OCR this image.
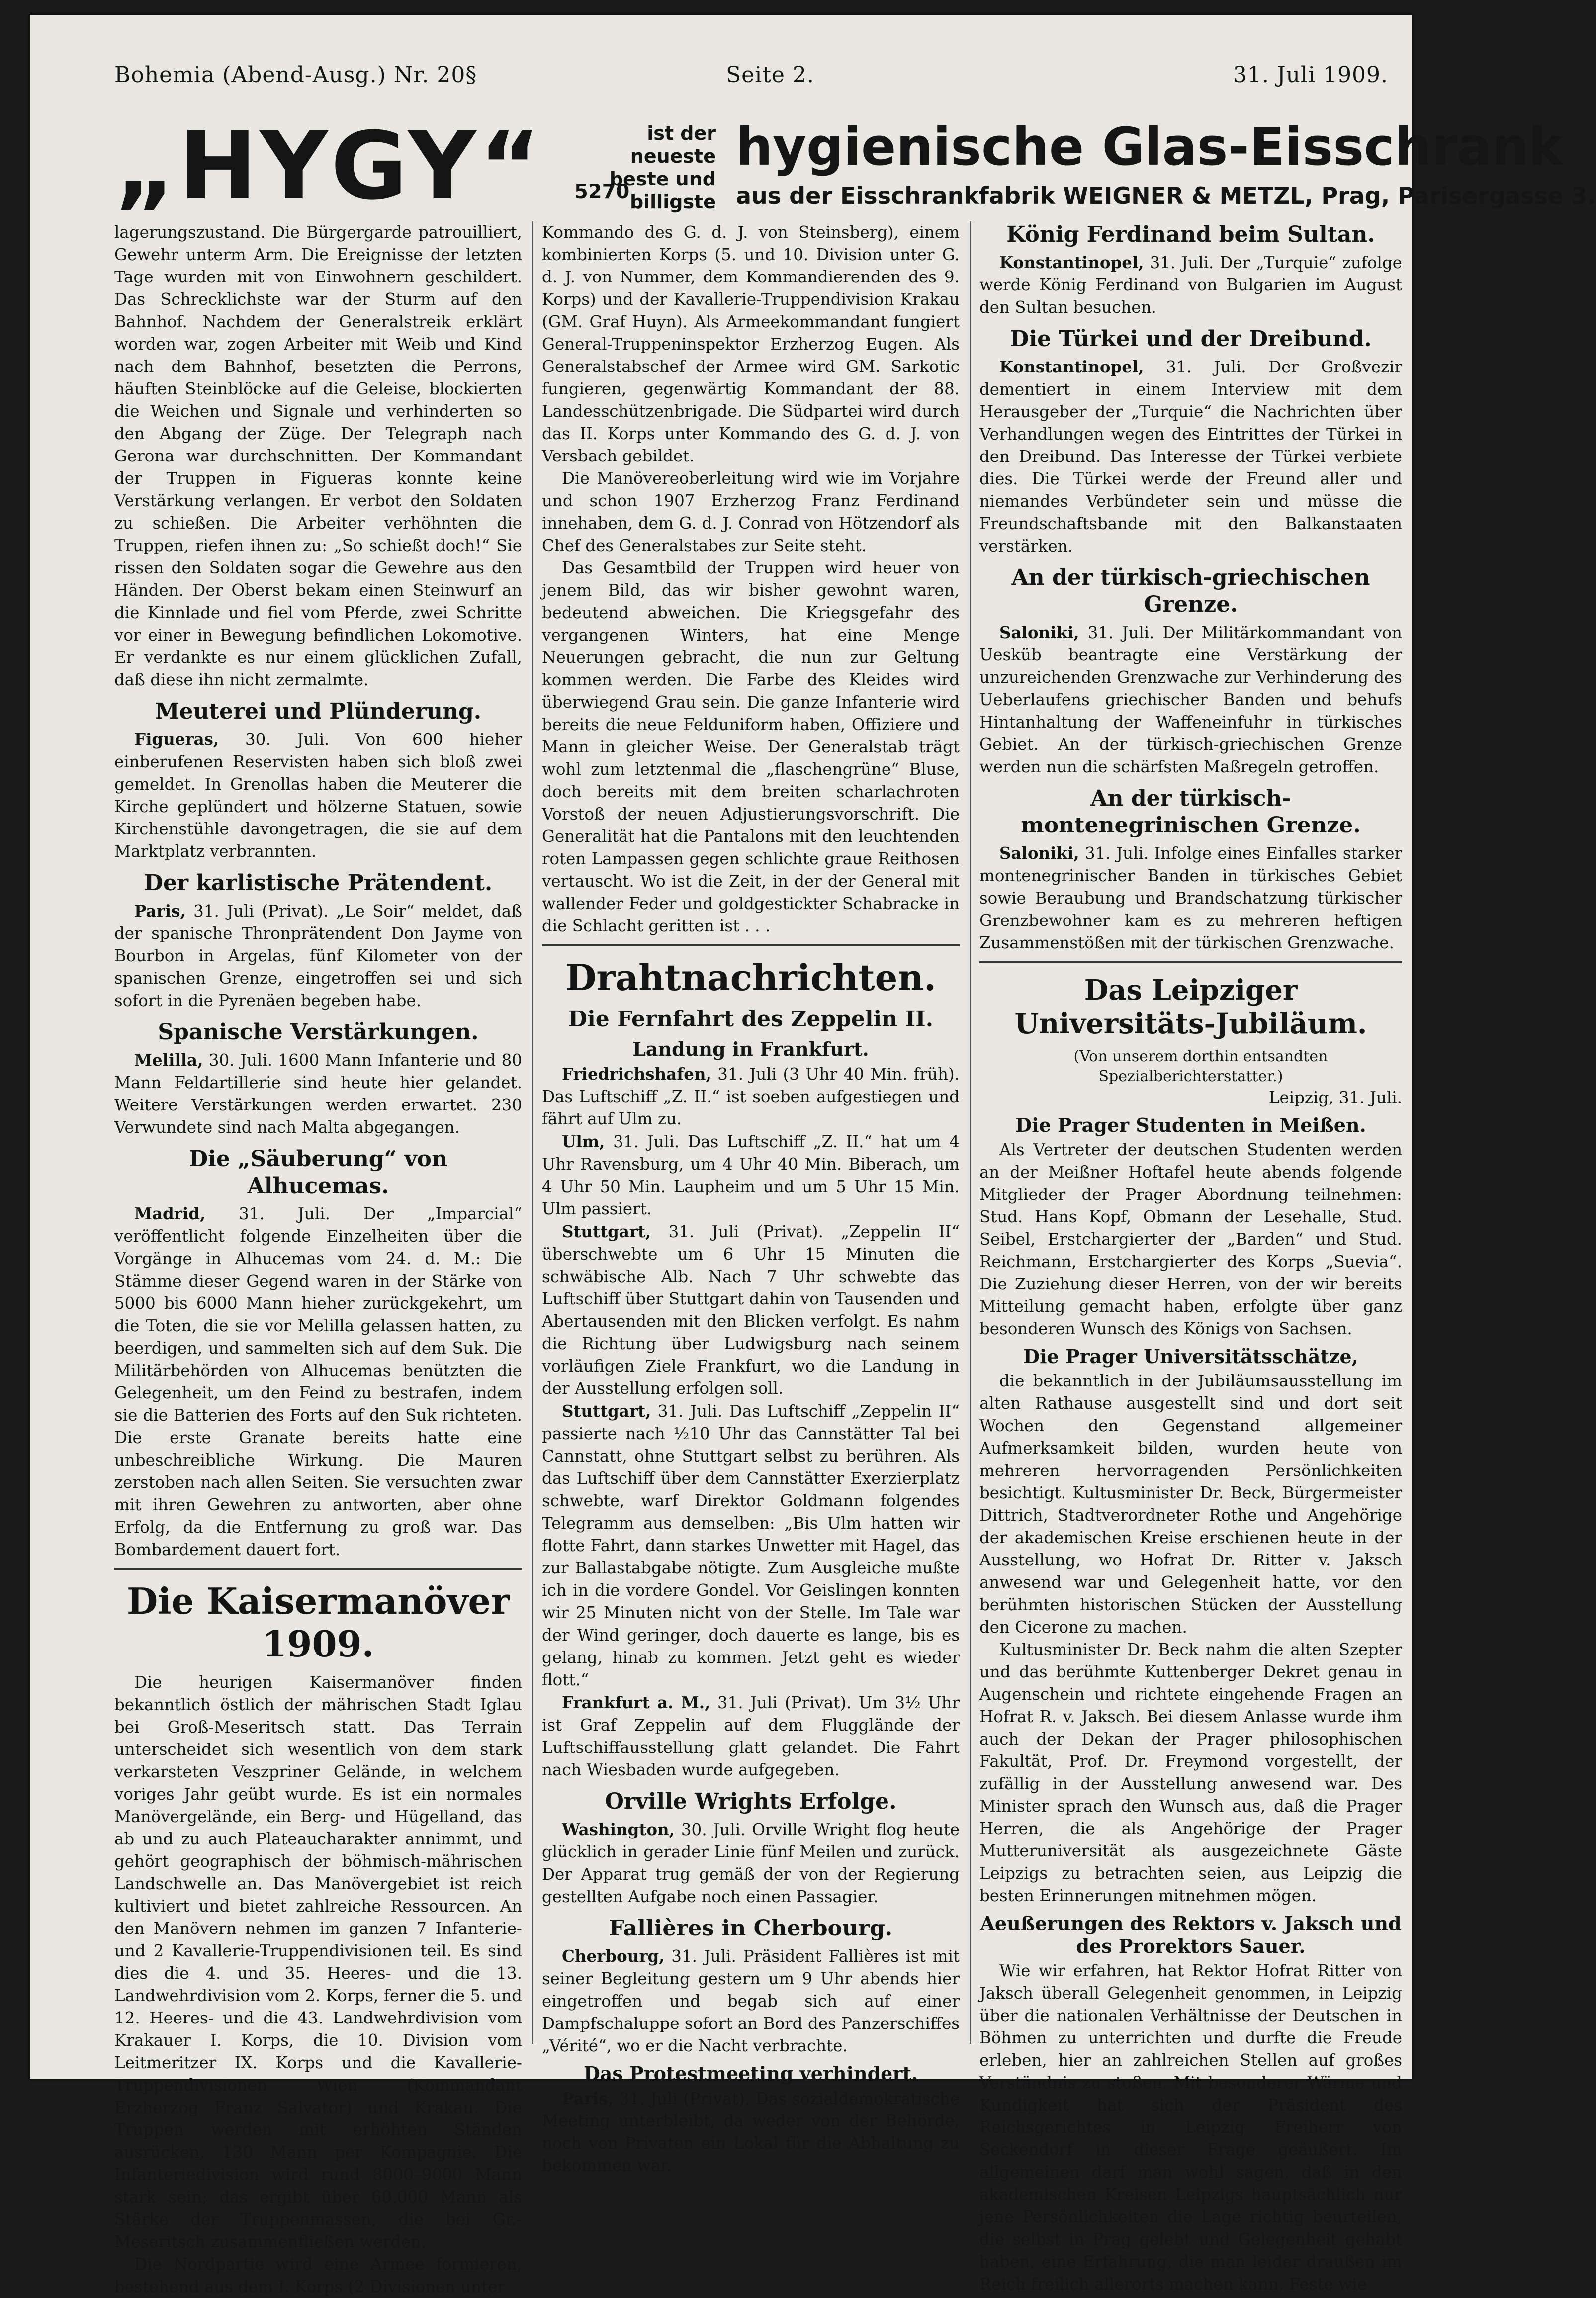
Bohemia (Abend-Ausg.) Nr. 20§	Seite 2.	31. Juli 1909.
„HYGY“	ist der
neueste
beste und
billigste
5270
hygienische Glas-Eisschrank
aus der Eisschrankfabrik WEIGNER & METZL, Prag, Parisergasse 3.

lagerungszustand. Die Bürgergarde patrouilliert, Gewehr unterm Arm. Die Ereignisse der letzten Tage wurden mit von Einwohnern geschildert. Das Schrecklichste war der Sturm auf den Bahnhof. Nachdem der Generalstreik erklärt worden war, zogen Arbeiter mit Weib und Kind nach dem Bahnhof, besetzten die Perrons, häuften Steinblöcke auf die Geleise, blockierten die Weichen und Signale und verhinderten so den Abgang der Züge. Der Telegraph nach Gerona war durchschnitten. Der Kommandant der Truppen in Figueras konnte keine Verstärkung verlangen. Er verbot den Soldaten zu schießen. Die Arbeiter verhöhnten die Truppen, riefen ihnen zu: „So schießt doch!“ Sie rissen den Soldaten sogar die Gewehre aus den Händen. Der Oberst bekam einen Steinwurf an die Kinnlade und fiel vom Pferde, zwei Schritte vor einer in Bewegung befindlichen Lokomotive. Er verdankte es nur einem glücklichen Zufall, daß diese ihn nicht zermalmte.

Meuterei und Plünderung.

Figueras, 30. Juli. Von 600 hieher einberufenen Reservisten haben sich bloß zwei gemeldet. In Grenollas haben die Meuterer die Kirche geplündert und hölzerne Statuen, sowie Kirchenstühle davongetragen, die sie auf dem Marktplatz verbrannten.

Der karlistische Prätendent.

Paris, 31. Juli (Privat). „Le Soir“ meldet, daß der spanische Thronprätendent Don Jayme von Bourbon in Argelas, fünf Kilometer von der spanischen Grenze, eingetroffen sei und sich sofort in die Pyrenäen begeben habe.

Spanische Verstärkungen.

Melilla, 30. Juli. 1600 Mann Infanterie und 80 Mann Feldartillerie sind heute hier gelandet. Weitere Verstärkungen werden erwartet. 230 Verwundete sind nach Malta abgegangen.

Die „Säuberung“ von Alhucemas.

Madrid, 31. Juli. Der „Imparcial“ veröffentlicht folgende Einzelheiten über die Vorgänge in Alhucemas vom 24. d. M.: Die Stämme dieser Gegend waren in der Stärke von 5000 bis 6000 Mann hieher zurückgekehrt, um die Toten, die sie vor Melilla gelassen hatten, zu beerdigen, und sammelten sich auf dem Suk. Die Militärbehörden von Alhucemas benützten die Gelegenheit, um den Feind zu bestrafen, indem sie die Batterien des Forts auf den Suk richteten. Die erste Granate bereits hatte eine unbeschreibliche Wirkung. Die Mauren zerstoben nach allen Seiten. Sie versuchten zwar mit ihren Gewehren zu antworten, aber ohne Erfolg, da die Entfernung zu groß war. Das Bombardement dauert fort.

Die Kaisermanöver 1909.

Die heurigen Kaisermanöver finden bekanntlich östlich der mährischen Stadt Iglau bei Groß-Meseritsch statt. Das Terrain unterscheidet sich wesentlich von dem stark verkarsteten Veszpriner Gelände, in welchem voriges Jahr geübt wurde. Es ist ein normales Manövergelände, ein Berg- und Hügelland, das ab und zu auch Plateaucharakter annimmt, und gehört geographisch der böhmisch-mährischen Landschwelle an. Das Manövergebiet ist reich kultiviert und bietet zahlreiche Ressourcen. An den Manövern nehmen im ganzen 7 Infanterie- und 2 Kavallerie-Truppendivisionen teil. Es sind dies die 4. und 35. Heeres- und die 13. Landwehrdivision vom 2. Korps, ferner die 5. und 12. Heeres- und die 43. Landwehrdivision vom Krakauer I. Korps, die 10. Division vom Leitmeritzer IX. Korps und die Kavallerie-Truppendivisionen Wien (Kommandant Erzherzog Franz Salvator) und Krakau. Die Truppen werden mit erhöhten Ständen ausrücken, 130 Mann per Kompagnie. Die Infanteriedivision wird rund 8000–9000 Mann stark sein; das ergibt über 60.000 Mann als Stärke der Truppenmassen, die bei Gr.-Meseritsch zusammenfließen werden.

Die Nordpartie wird eine Armee formieren, bestehend aus dem I. Korps (2 Divisionen unter

Kommando des G. d. J. von Steinsberg), einem kombinierten Korps (5. und 10. Division unter G. d. J. von Nummer, dem Kommandierenden des 9. Korps) und der Kavallerie-Truppendivision Krakau (GM. Graf Huyn). Als Armeekommandant fungiert General-Truppeninspektor Erzherzog Eugen. Als Generalstabschef der Armee wird GM. Sarkotic fungieren, gegenwärtig Kommandant der 88. Landesschützenbrigade. Die Südpartei wird durch das II. Korps unter Kommando des G. d. J. von Versbach gebildet.

Die Manövereoberleitung wird wie im Vorjahre und schon 1907 Erzherzog Franz Ferdinand innehaben, dem G. d. J. Conrad von Hötzendorf als Chef des Generalstabes zur Seite steht.

Das Gesamtbild der Truppen wird heuer von jenem Bild, das wir bisher gewohnt waren, bedeutend abweichen. Die Kriegsgefahr des vergangenen Winters, hat eine Menge Neuerungen gebracht, die nun zur Geltung kommen werden. Die Farbe des Kleides wird überwiegend Grau sein. Die ganze Infanterie wird bereits die neue Felduniform haben, Offiziere und Mann in gleicher Weise. Der Generalstab trägt wohl zum letztenmal die „flaschengrüne“ Bluse, doch bereits mit dem breiten scharlachroten Vorstoß der neuen Adjustierungsvorschrift. Die Generalität hat die Pantalons mit den leuchtenden roten Lampassen gegen schlichte graue Reithosen vertauscht. Wo ist die Zeit, in der der General mit wallender Feder und goldgestickter Schabracke in die Schlacht geritten ist . . .

Drahtnachrichten.
Die Fernfahrt des Zeppelin II.
Landung in Frankfurt.

Friedrichshafen, 31. Juli (3 Uhr 40 Min. früh). Das Luftschiff „Z. II.“ ist soeben aufgestiegen und fährt auf Ulm zu.

Ulm, 31. Juli. Das Luftschiff „Z. II.“ hat um 4 Uhr Ravensburg, um 4 Uhr 40 Min. Biberach, um 4 Uhr 50 Min. Laupheim und um 5 Uhr 15 Min. Ulm passiert.

Stuttgart, 31. Juli (Privat). „Zeppelin II“ überschwebte um 6 Uhr 15 Minuten die schwäbische Alb. Nach 7 Uhr schwebte das Luftschiff über Stuttgart dahin von Tausenden und Abertausenden mit den Blicken verfolgt. Es nahm die Richtung über Ludwigsburg nach seinem vorläufigen Ziele Frankfurt, wo die Landung in der Ausstellung erfolgen soll.

Stuttgart, 31. Juli. Das Luftschiff „Zeppelin II“ passierte nach ½10 Uhr das Cannstätter Tal bei Cannstatt, ohne Stuttgart selbst zu berühren. Als das Luftschiff über dem Cannstätter Exerzierplatz schwebte, warf Direktor Goldmann folgendes Telegramm aus demselben: „Bis Ulm hatten wir flotte Fahrt, dann starkes Unwetter mit Hagel, das zur Ballastabgabe nötigte. Zum Ausgleiche mußte ich in die vordere Gondel. Vor Geislingen konnten wir 25 Minuten nicht von der Stelle. Im Tale war der Wind geringer, doch dauerte es lange, bis es gelang, hinab zu kommen. Jetzt geht es wieder flott.“

Frankfurt a. M., 31. Juli (Privat). Um 3½ Uhr ist Graf Zeppelin auf dem Flugglände der Luftschiffausstellung glatt gelandet. Die Fahrt nach Wiesbaden wurde aufgegeben.

Orville Wrights Erfolge.

Washington, 30. Juli. Orville Wright flog heute glücklich in gerader Linie fünf Meilen und zurück. Der Apparat trug gemäß der von der Regierung gestellten Aufgabe noch einen Passagier.

Fallières in Cherbourg.

Cherbourg, 31. Juli. Präsident Fallières ist mit seiner Begleitung gestern um 9 Uhr abends hier eingetroffen und begab sich auf einer Dampfschaluppe sofort an Bord des Panzerschiffes „Vérité“, wo er die Nacht verbrachte.

Das Protestmeeting verhindert.

Paris, 31. Juli (Privat). Das sozialdemokratische Meeting unterbleibt, da weder von der Behörde, noch von Privaten ein Lokal für die Abhaltung zu bekommen war.

König Ferdinand beim Sultan.

Konstantinopel, 31. Juli. Der „Turquie“ zufolge werde König Ferdinand von Bulgarien im August den Sultan besuchen.

Die Türkei und der Dreibund.

Konstantinopel, 31. Juli. Der Großvezir dementiert in einem Interview mit dem Herausgeber der „Turquie“ die Nachrichten über Verhandlungen wegen des Eintrittes der Türkei in den Dreibund. Das Interesse der Türkei verbiete dies. Die Türkei werde der Freund aller und niemandes Verbündeter sein und müsse die Freundschaftsbande mit den Balkanstaaten verstärken.

An der türkisch-griechischen Grenze.

Saloniki, 31. Juli. Der Militärkommandant von Uesküb beantragte eine Verstärkung der unzureichenden Grenzwache zur Verhinderung des Ueberlaufens griechischer Banden und behufs Hintanhaltung der Waffeneinfuhr in türkisches Gebiet. An der türkisch-griechischen Grenze werden nun die schärfsten Maßregeln getroffen.

An der türkisch-montenegrinischen Grenze.

Saloniki, 31. Juli. Infolge eines Einfalles starker montenegrinischer Banden in türkisches Gebiet sowie Beraubung und Brandschatzung türkischer Grenzbewohner kam es zu mehreren heftigen Zusammenstößen mit der türkischen Grenzwache.

Das Leipziger Universitäts-Jubiläum.

(Von unserem dorthin entsandten Spezialberichterstatter.)

Leipzig, 31. Juli.

Die Prager Studenten in Meißen.

Als Vertreter der deutschen Studenten werden an der Meißner Hoftafel heute abends folgende Mitglieder der Prager Abordnung teilnehmen: Stud. Hans Kopf, Obmann der Lesehalle, Stud. Seibel, Erstchargierter der „Barden“ und Stud. Reichmann, Erstchargierter des Korps „Suevia“. Die Zuziehung dieser Herren, von der wir bereits Mitteilung gemacht haben, erfolgte über ganz besonderen Wunsch des Königs von Sachsen.

Die Prager Universitätsschätze,

die bekanntlich in der Jubiläumsausstellung im alten Rathause ausgestellt sind und dort seit Wochen den Gegenstand allgemeiner Aufmerksamkeit bilden, wurden heute von mehreren hervorragenden Persönlichkeiten besichtigt. Kultusminister Dr. Beck, Bürgermeister Dittrich, Stadtverordneter Rothe und Angehörige der akademischen Kreise erschienen heute in der Ausstellung, wo Hofrat Dr. Ritter v. Jaksch anwesend war und Gelegenheit hatte, vor den berühmten historischen Stücken der Ausstellung den Cicerone zu machen.

Kultusminister Dr. Beck nahm die alten Szepter und das berühmte Kuttenberger Dekret genau in Augenschein und richtete eingehende Fragen an Hofrat R. v. Jaksch. Bei diesem Anlasse wurde ihm auch der Dekan der Prager philosophischen Fakultät, Prof. Dr. Freymond vorgestellt, der zufällig in der Ausstellung anwesend war. Des Minister sprach den Wunsch aus, daß die Prager Herren, die als Angehörige der Prager Mutteruniversität als ausgezeichnete Gäste Leipzigs zu betrachten seien, aus Leipzig die besten Erinnerungen mitnehmen mögen.

Aeußerungen des Rektors v. Jaksch und des Prorektors Sauer.

Wie wir erfahren, hat Rektor Hofrat Ritter von Jaksch überall Gelegenheit genommen, in Leipzig über die nationalen Verhältnisse der Deutschen in Böhmen zu unterrichten und durfte die Freude erleben, hier an zahlreichen Stellen auf großes Verständnis zu stoßen. Mit besonderer Wärme und Kundigkeit hat sich der Präsident des Reichsgerichtes in Leipzig Freiherr von Seckendorf in dieser Frage geäußert. Im allgemeinen darf man wohl sagen, daß in den akademischen Kreisen Leipzigs hauptsächlich nur jene Persönlichkeiten die Lage richtig beurteilen, die selbst in Prag gelebt und Gelegenheit gehabt haben, eine Erfahrung, die man leider draußen im Reich freilich allerorts machen kann. Feste wie
